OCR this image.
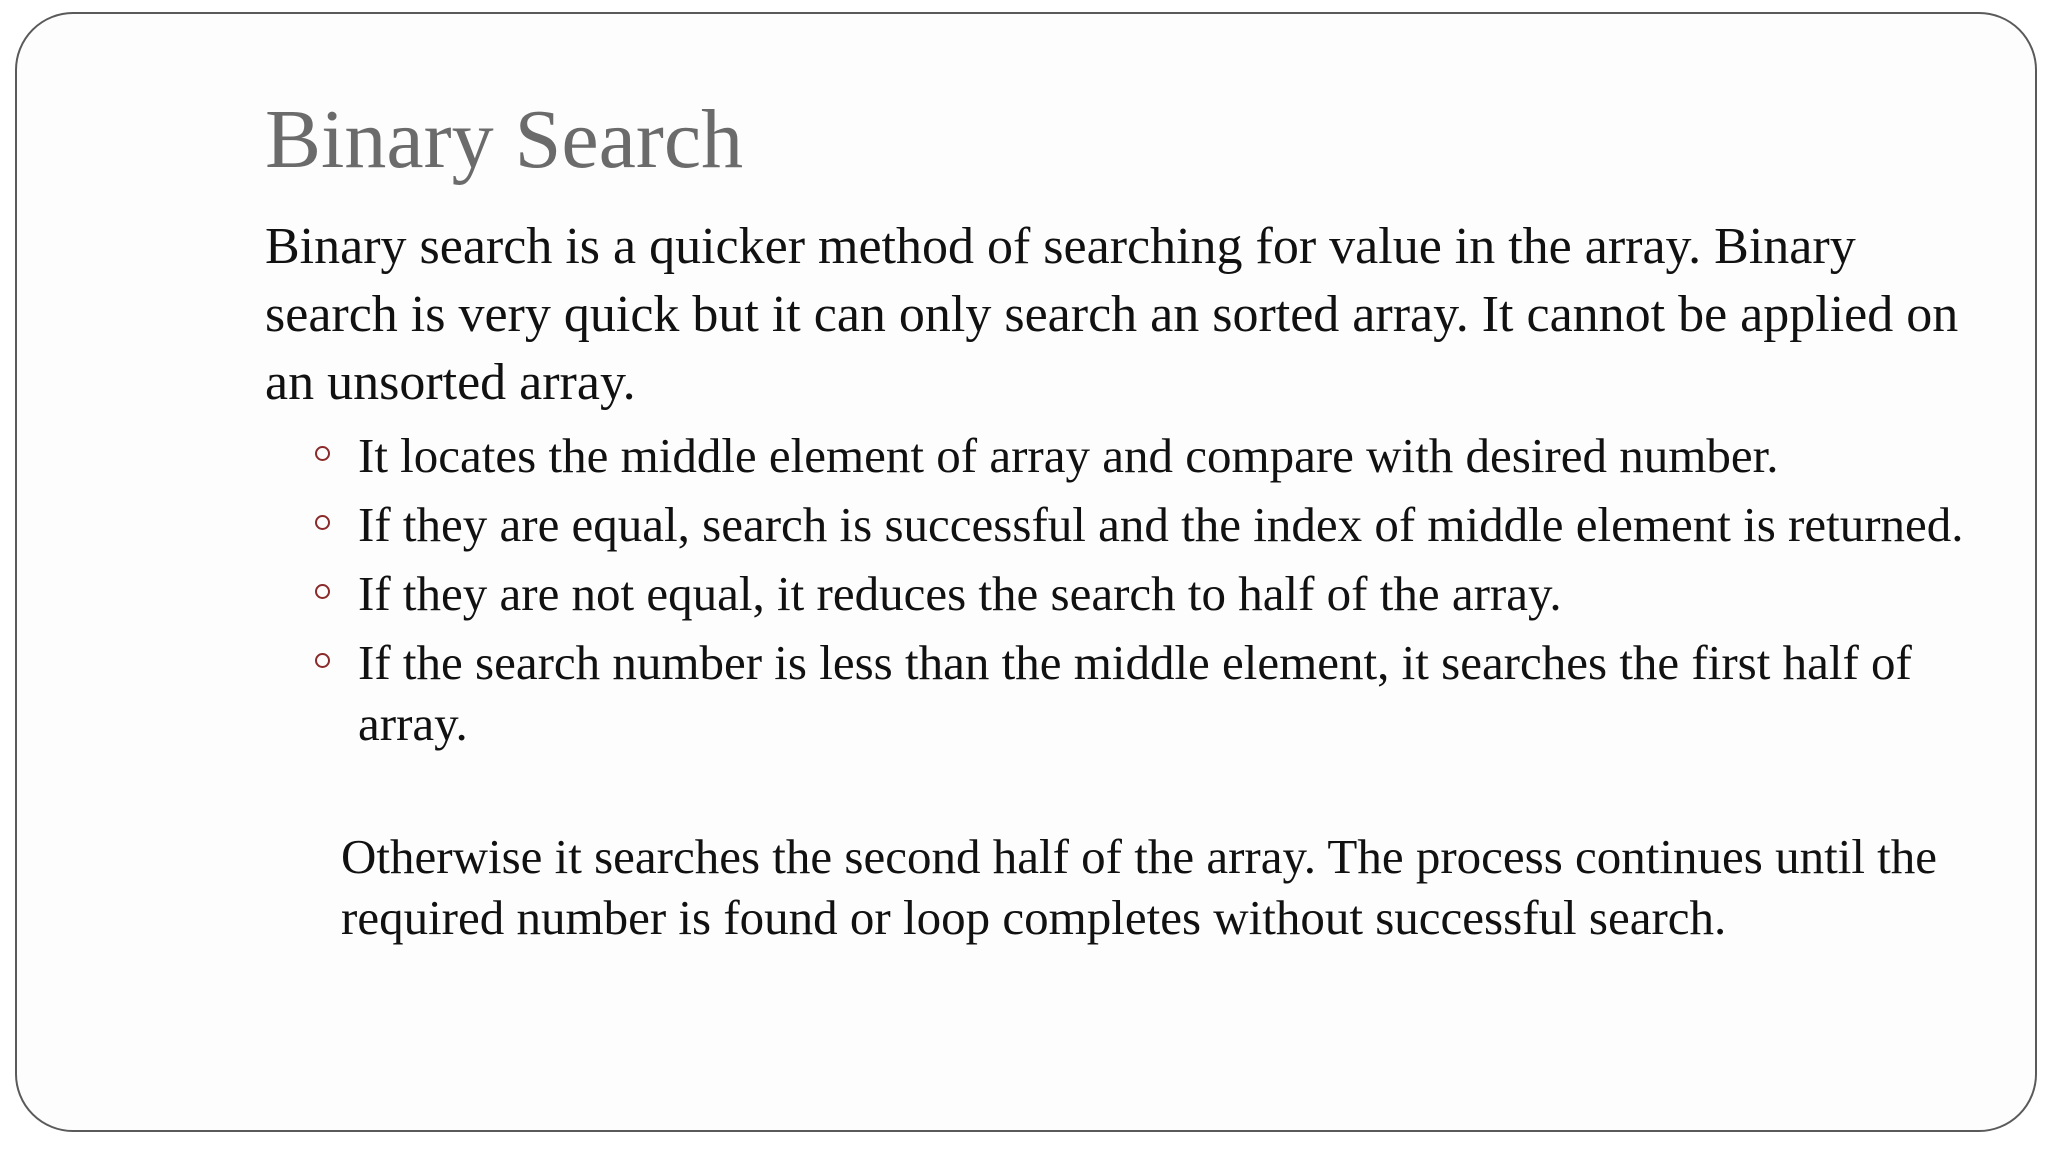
Binary Search

Binary search is a quicker method of searching for value in the array. Binary search is very quick but it can only search an sorted array. It cannot be applied on an unsorted array.

It locates the middle element of array and compare with desired number.
If they are equal, search is successful and the index of middle element is returned.
If they are not equal, it reduces the search to half of the array.
If the search number is less than the middle element, it searches the first half of array.

Otherwise it searches the second half of the array. The process continues until the required number is found or loop completes without successful search.
